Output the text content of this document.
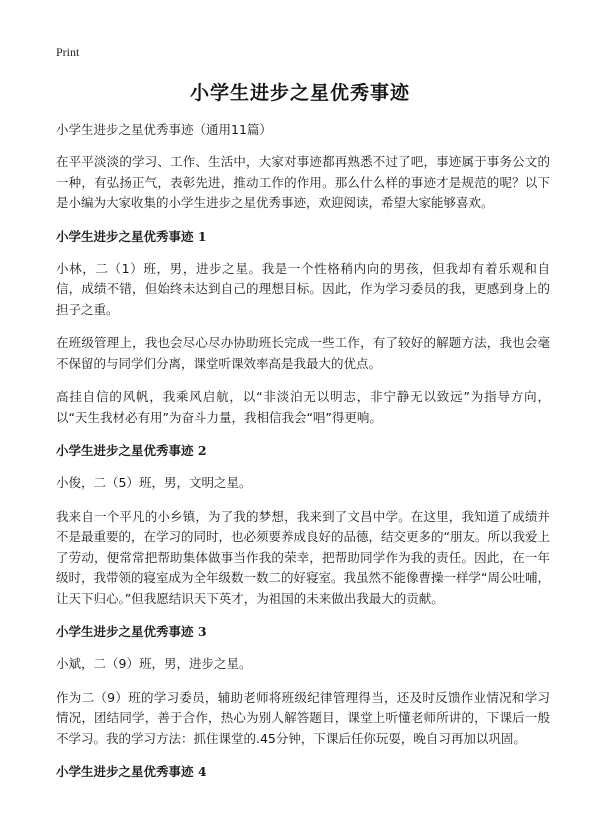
Print
小学生进步之星优秀事迹
小学生进步之星优秀事迹（通用11篇）
在平平淡淡的学习、工作、生活中，大家对事迹都再熟悉不过了吧，事迹属于事务公文的一种，有弘扬正气，表彰先进，推动工作的作用。那么什么样的事迹才是规范的呢？以下是小编为大家收集的小学生进步之星优秀事迹，欢迎阅读，希望大家能够喜欢。
小学生进步之星优秀事迹 1
小林，二（1）班，男，进步之星。我是一个性格稍内向的男孩，但我却有着乐观和自信，成绩不错，但始终未达到自己的理想目标。因此，作为学习委员的我，更感到身上的 担子之重。
在班级管理上，我也会尽心尽办协助班长完成一些工作，有了较好的解题方法，我也会毫不保留的与同学们分离，课堂听课效率高是我最大的优点。
高挂自信的风帆，我乘风启航，以“非淡泊无以明志，非宁静无以致远”为指导方向，以“天生我材必有用”为奋斗力量，我相信我会“唱”得更响。
小学生进步之星优秀事迹 2
小俊，二（5）班，男，文明之星。
我来自一个平凡的小乡镇，为了我的梦想，我来到了文昌中学。在这里，我知道了成绩并不是最重要的，在学习的同时，也必须要养成良好的品德，结交更多的“朋友。所以我爱上了劳动，便常常把帮助集体做事当作我的荣幸，把帮助同学作为我的责任。因此，在一年级时，我带领的寝室成为全年级数一数二的好寝室。我虽然不能像曹操一样学“周公吐哺，让天下归心。”但我愿结识天下英才，为祖国的未来做出我最大的贡献。
小学生进步之星优秀事迹 3
小斌，二（9）班，男，进步之星。
作为二（9）班的学习委员，辅助老师将班级纪律管理得当，还及时反馈作业情况和学习情况，团结同学，善于合作，热心为别人解答题目，课堂上听懂老师所讲的，下课后一般不学习。我的学习方法：抓住课堂的.45分钟，下课后任你玩耍，晚自习再加以巩固。
小学生进步之星优秀事迹 4
